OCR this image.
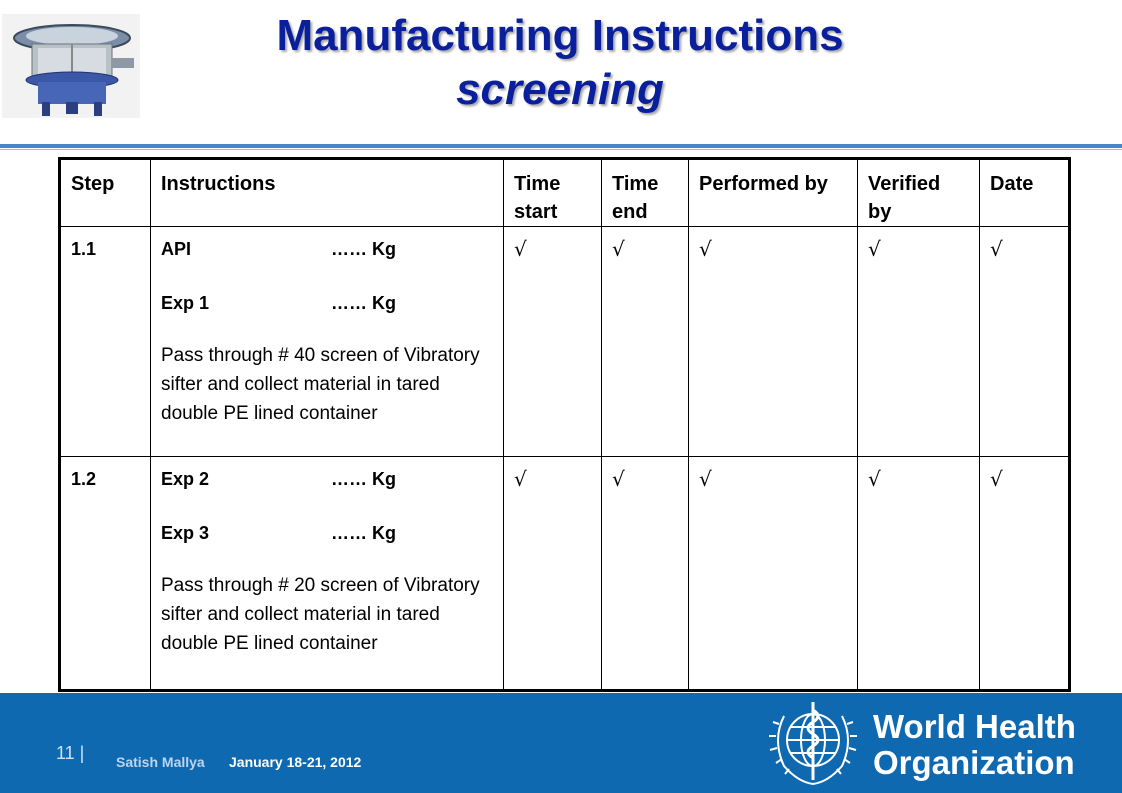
Manufacturing Instructions
screening
Step	Instructions	Time start	Time end	Performed by	Verified by	Date
1.1	API …… Kg
Exp 1 …… Kg
Pass through # 40 screen of Vibratory sifter and collect material in tared double PE lined container	√	√	√	√	√
1.2	Exp 2 …… Kg
Exp 3 …… Kg
Pass through # 20 screen of Vibratory sifter and collect material in tared double PE lined container	√	√	√	√	√
11 | Satish Mallya January 18-21, 2012
World Health
Organization
